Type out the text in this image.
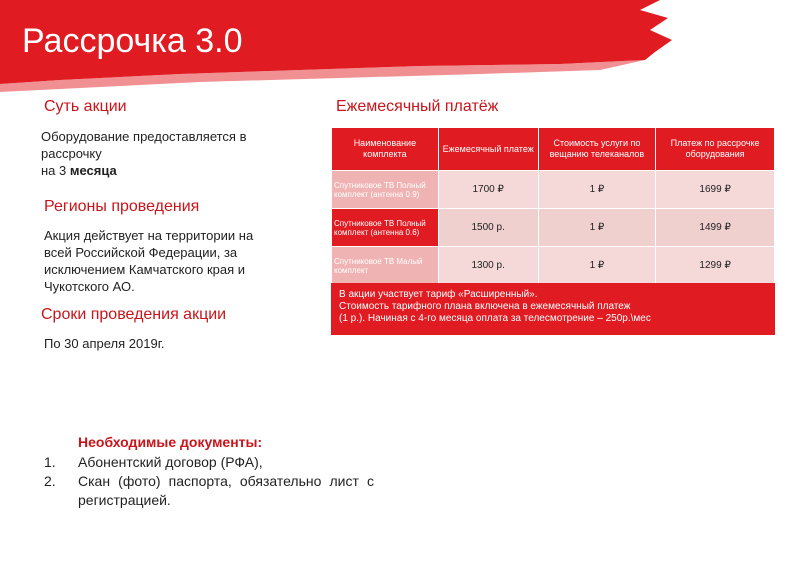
Рассрочка 3.0
Суть акции
Оборудование предоставляется в
рассрочку
на 3 месяца
Регионы проведения
Акция действует на территории на всей Российской Федерации, за исключением Камчатского края и Чукотского АО.
Сроки проведения акции
По 30 апреля 2019г.
Необходимые документы:
1.	Абонентский договор (РФА),
2.	Скан (фото) паспорта, обязательно лист с регистрацией.
Ежемесячный платёж
Наименование комплекта	Ежемесячный платеж	Стоимость услуги по вещанию телеканалов	Платеж по рассрочке оборудования
Спутниковое ТВ Полный комплект (антенна 0.9)	1700 ₽	1 ₽	1699 ₽
Спутниковое ТВ Полный комплект (антенна 0.6)	1500 р.	1 ₽	1499 ₽
Спутниковое ТВ Малый комплект	1300 р.	1 ₽	1299 ₽
В акции участвует тариф «Расширенный».
Стоимость тарифного плана включена в ежемесячный платеж
(1 р.). Начиная с 4-го месяца оплата за телесмотрение – 250р.\мес
